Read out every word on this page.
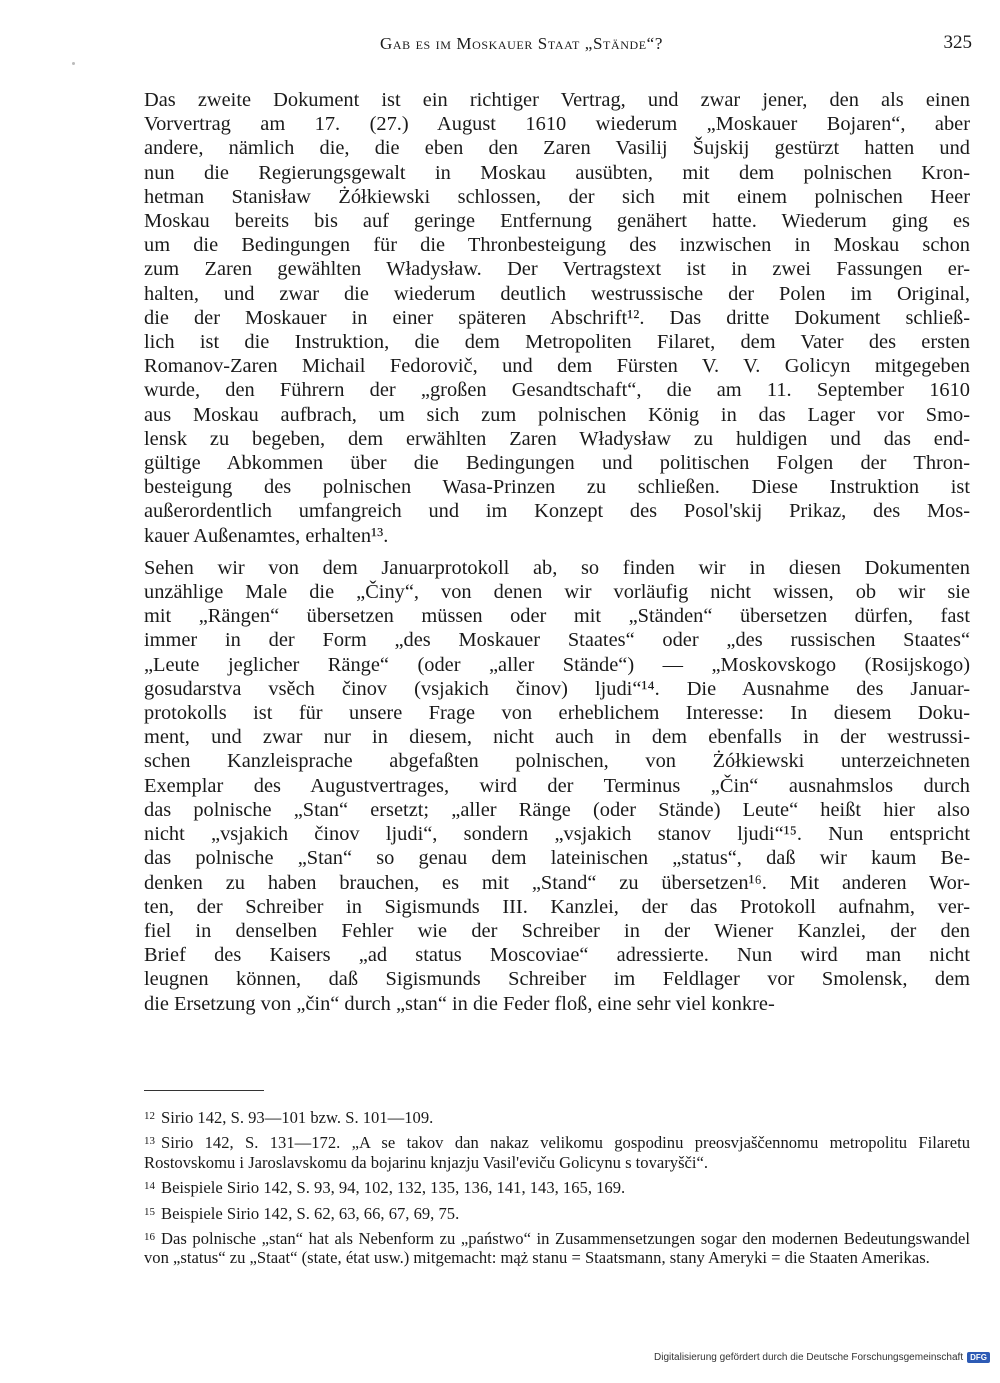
Gab es im Moskauer Staat „Stände“?	325

Das zweite Dokument ist ein richtiger Vertrag, und zwar jener, den als einen
Vorvertrag am 17. (27.) August 1610 wiederum „Moskauer Bojaren“, aber
andere, nämlich die, die eben den Zaren Vasilij Šujskij gestürzt hatten und
nun die Regierungsgewalt in Moskau ausübten, mit dem polnischen Kron-
hetman Stanisław Żółkiewski schlossen, der sich mit einem polnischen Heer
Moskau bereits bis auf geringe Entfernung genähert hatte. Wiederum ging es
um die Bedingungen für die Thronbesteigung des inzwischen in Moskau schon
zum Zaren gewählten Władysław. Der Vertragstext ist in zwei Fassungen er-
halten, und zwar die wiederum deutlich westrussische der Polen im Original,
die der Moskauer in einer späteren Abschrift¹². Das dritte Dokument schließ-
lich ist die Instruktion, die dem Metropoliten Filaret, dem Vater des ersten
Romanov-Zaren Michail Fedorovič, und dem Fürsten V. V. Golicyn mitgegeben
wurde, den Führern der „großen Gesandtschaft“, die am 11. September 1610
aus Moskau aufbrach, um sich zum polnischen König in das Lager vor Smo-
lensk zu begeben, dem erwählten Zaren Władysław zu huldigen und das end-
gültige Abkommen über die Bedingungen und politischen Folgen der Thron-
besteigung des polnischen Wasa-Prinzen zu schließen. Diese Instruktion ist
außerordentlich umfangreich und im Konzept des Posol'skij Prikaz, des Mos-
kauer Außenamtes, erhalten¹³.

Sehen wir von dem Januarprotokoll ab, so finden wir in diesen Dokumenten
unzählige Male die „Činy“, von denen wir vorläufig nicht wissen, ob wir sie
mit „Rängen“ übersetzen müssen oder mit „Ständen“ übersetzen dürfen, fast
immer in der Form „des Moskauer Staates“ oder „des russischen Staates“
„Leute jeglicher Ränge“ (oder „aller Stände“) — „Moskovskogo (Rosijskogo)
gosudarstva vsěch činov (vsjakich činov) ljudi“¹⁴. Die Ausnahme des Januar-
protokolls ist für unsere Frage von erheblichem Interesse: In diesem Doku-
ment, und zwar nur in diesem, nicht auch in dem ebenfalls in der westrussi-
schen Kanzleisprache abgefaßten polnischen, von Żółkiewski unterzeichneten
Exemplar des Augustvertrages, wird der Terminus „Čin“ ausnahmslos durch
das polnische „Stan“ ersetzt; „aller Ränge (oder Stände) Leute“ heißt hier also
nicht „vsjakich činov ljudi“, sondern „vsjakich stanov ljudi“¹⁵. Nun entspricht
das polnische „Stan“ so genau dem lateinischen „status“, daß wir kaum Be-
denken zu haben brauchen, es mit „Stand“ zu übersetzen¹⁶. Mit anderen Wor-
ten, der Schreiber in Sigismunds III. Kanzlei, der das Protokoll aufnahm, ver-
fiel in denselben Fehler wie der Schreiber in der Wiener Kanzlei, der den
Brief des Kaisers „ad status Moscoviae“ adressierte. Nun wird man nicht
leugnen können, daß Sigismunds Schreiber im Feldlager vor Smolensk, dem
die Ersetzung von „čin“ durch „stan“ in die Feder floß, eine sehr viel konkre-

$^{12}$ Sirio 142, S. 93—101 bzw. S. 101—109.

$^{13}$ Sirio 142, S. 131—172. „A se takov dan nakaz velikomu gospodinu preosvjaščennomu metropolitu Filaretu Rostovskomu i Jaroslavskomu da bojarinu knjazju Vasil'eviču Golicynu s tovaryšči“.

$^{14}$ Beispiele Sirio 142, S. 93, 94, 102, 132, 135, 136, 141, 143, 165, 169.

$^{15}$ Beispiele Sirio 142, S. 62, 63, 66, 67, 69, 75.

$^{16}$ Das polnische „stan“ hat als Nebenform zu „państwo“ in Zusammensetzungen sogar den modernen Bedeutungswandel von „status“ zu „Staat“ (state, état usw.) mitgemacht: mąż stanu = Staatsmann, stany Ameryki = die Staaten Amerikas.

Digitalisierung gefördert durch die Deutsche Forschungsgemeinschaft DFG
